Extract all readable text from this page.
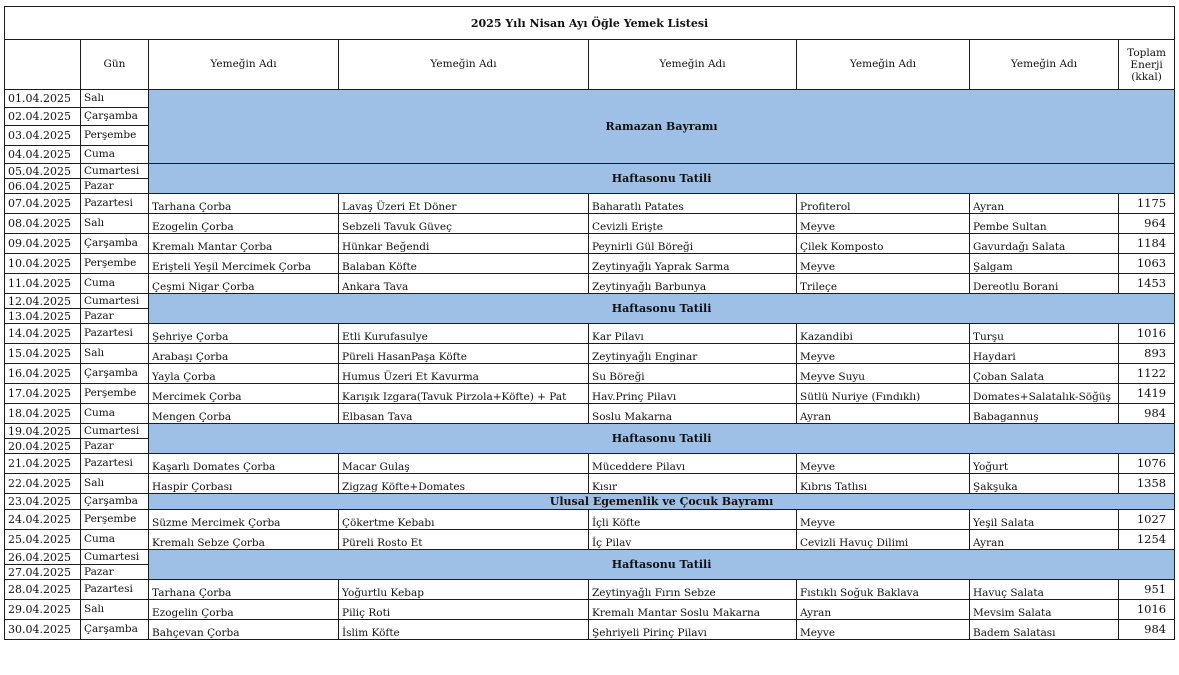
2025 Yılı Nisan Ayı Öğle Yemek Listesi							
	Gün	Yemeğin Adı	Yemeğin Adı	Yemeğin Adı	Yemeğin Adı	Yemeğin Adı	Toplam Enerji (kkal)
01.04.2025	Salı	Ramazan Bayramı					
02.04.2025	Çarşamba						
03.04.2025	Perşembe						
04.04.2025	Cuma						
05.04.2025	Cumartesi	Haftasonu Tatili					
06.04.2025	Pazar						
07.04.2025	Pazartesi	Tarhana Çorba	Lavaş Üzeri Et Döner	Baharatlı Patates	Profiterol	Ayran	1175
08.04.2025	Salı	Ezogelin Çorba	Sebzeli Tavuk Güveç	Cevizli Erişte	Meyve	Pembe Sultan	964
09.04.2025	Çarşamba	Kremalı Mantar Çorba	Hünkar Beğendi	Peynirli Gül Böreği	Çilek Komposto	Gavurdağı Salata	1184
10.04.2025	Perşembe	Erişteli Yeşil Mercimek Çorba	Balaban Köfte	Zeytinyağlı Yaprak Sarma	Meyve	Şalgam	1063
11.04.2025	Cuma	Çeşmi Nigar Çorba	Ankara Tava	Zeytinyağlı Barbunya	Trileçe	Dereotlu Borani	1453
12.04.2025	Cumartesi	Haftasonu Tatili					
13.04.2025	Pazar						
14.04.2025	Pazartesi	Şehriye Çorba	Etli Kurufasulye	Kar Pilavı	Kazandibi	Turşu	1016
15.04.2025	Salı	Arabaşı Çorba	Püreli HasanPaşa Köfte	Zeytinyağlı Enginar	Meyve	Haydari	893
16.04.2025	Çarşamba	Yayla Çorba	Humus Üzeri Et Kavurma	Su Böreği	Meyve Suyu	Çoban Salata	1122
17.04.2025	Perşembe	Mercimek Çorba	Karışık Izgara(Tavuk Pirzola+Köfte) + Pat	Hav.Prinç Pilavı	Sütlü Nuriye (Fındıklı)	Domates+Salatalık-Söğüş	1419
18.04.2025	Cuma	Mengen Çorba	Elbasan Tava	Soslu Makarna	Ayran	Babagannuş	984
19.04.2025	Cumartesi	Haftasonu Tatili					
20.04.2025	Pazar						
21.04.2025	Pazartesi	Kaşarlı Domates Çorba	Macar Gulaş	Müceddere Pilavı	Meyve	Yoğurt	1076
22.04.2025	Salı	Haspir Çorbası	Zigzag Köfte+Domates	Kısır	Kıbrıs Tatlısı	Şakşuka	1358
23.04.2025	Çarşamba	Ulusal Egemenlik ve Çocuk Bayramı					
24.04.2025	Perşembe	Süzme Mercimek Çorba	Çökertme Kebabı	İçli Köfte	Meyve	Yeşil Salata	1027
25.04.2025	Cuma	Kremalı Sebze Çorba	Püreli Rosto Et	İç Pilav	Cevizli Havuç Dilimi	Ayran	1254
26.04.2025	Cumartesi	Haftasonu Tatili					
27.04.2025	Pazar						
28.04.2025	Pazartesi	Tarhana Çorba	Yoğurtlu Kebap	Zeytinyağlı Fırın Sebze	Fıstıklı Soğuk Baklava	Havuç Salata	951
29.04.2025	Salı	Ezogelin Çorba	Piliç Roti	Kremalı Mantar Soslu Makarna	Ayran	Mevsim Salata	1016
30.04.2025	Çarşamba	Bahçevan Çorba	İslim Köfte	Şehriyeli Pirinç Pilavı	Meyve	Badem Salatası	984
